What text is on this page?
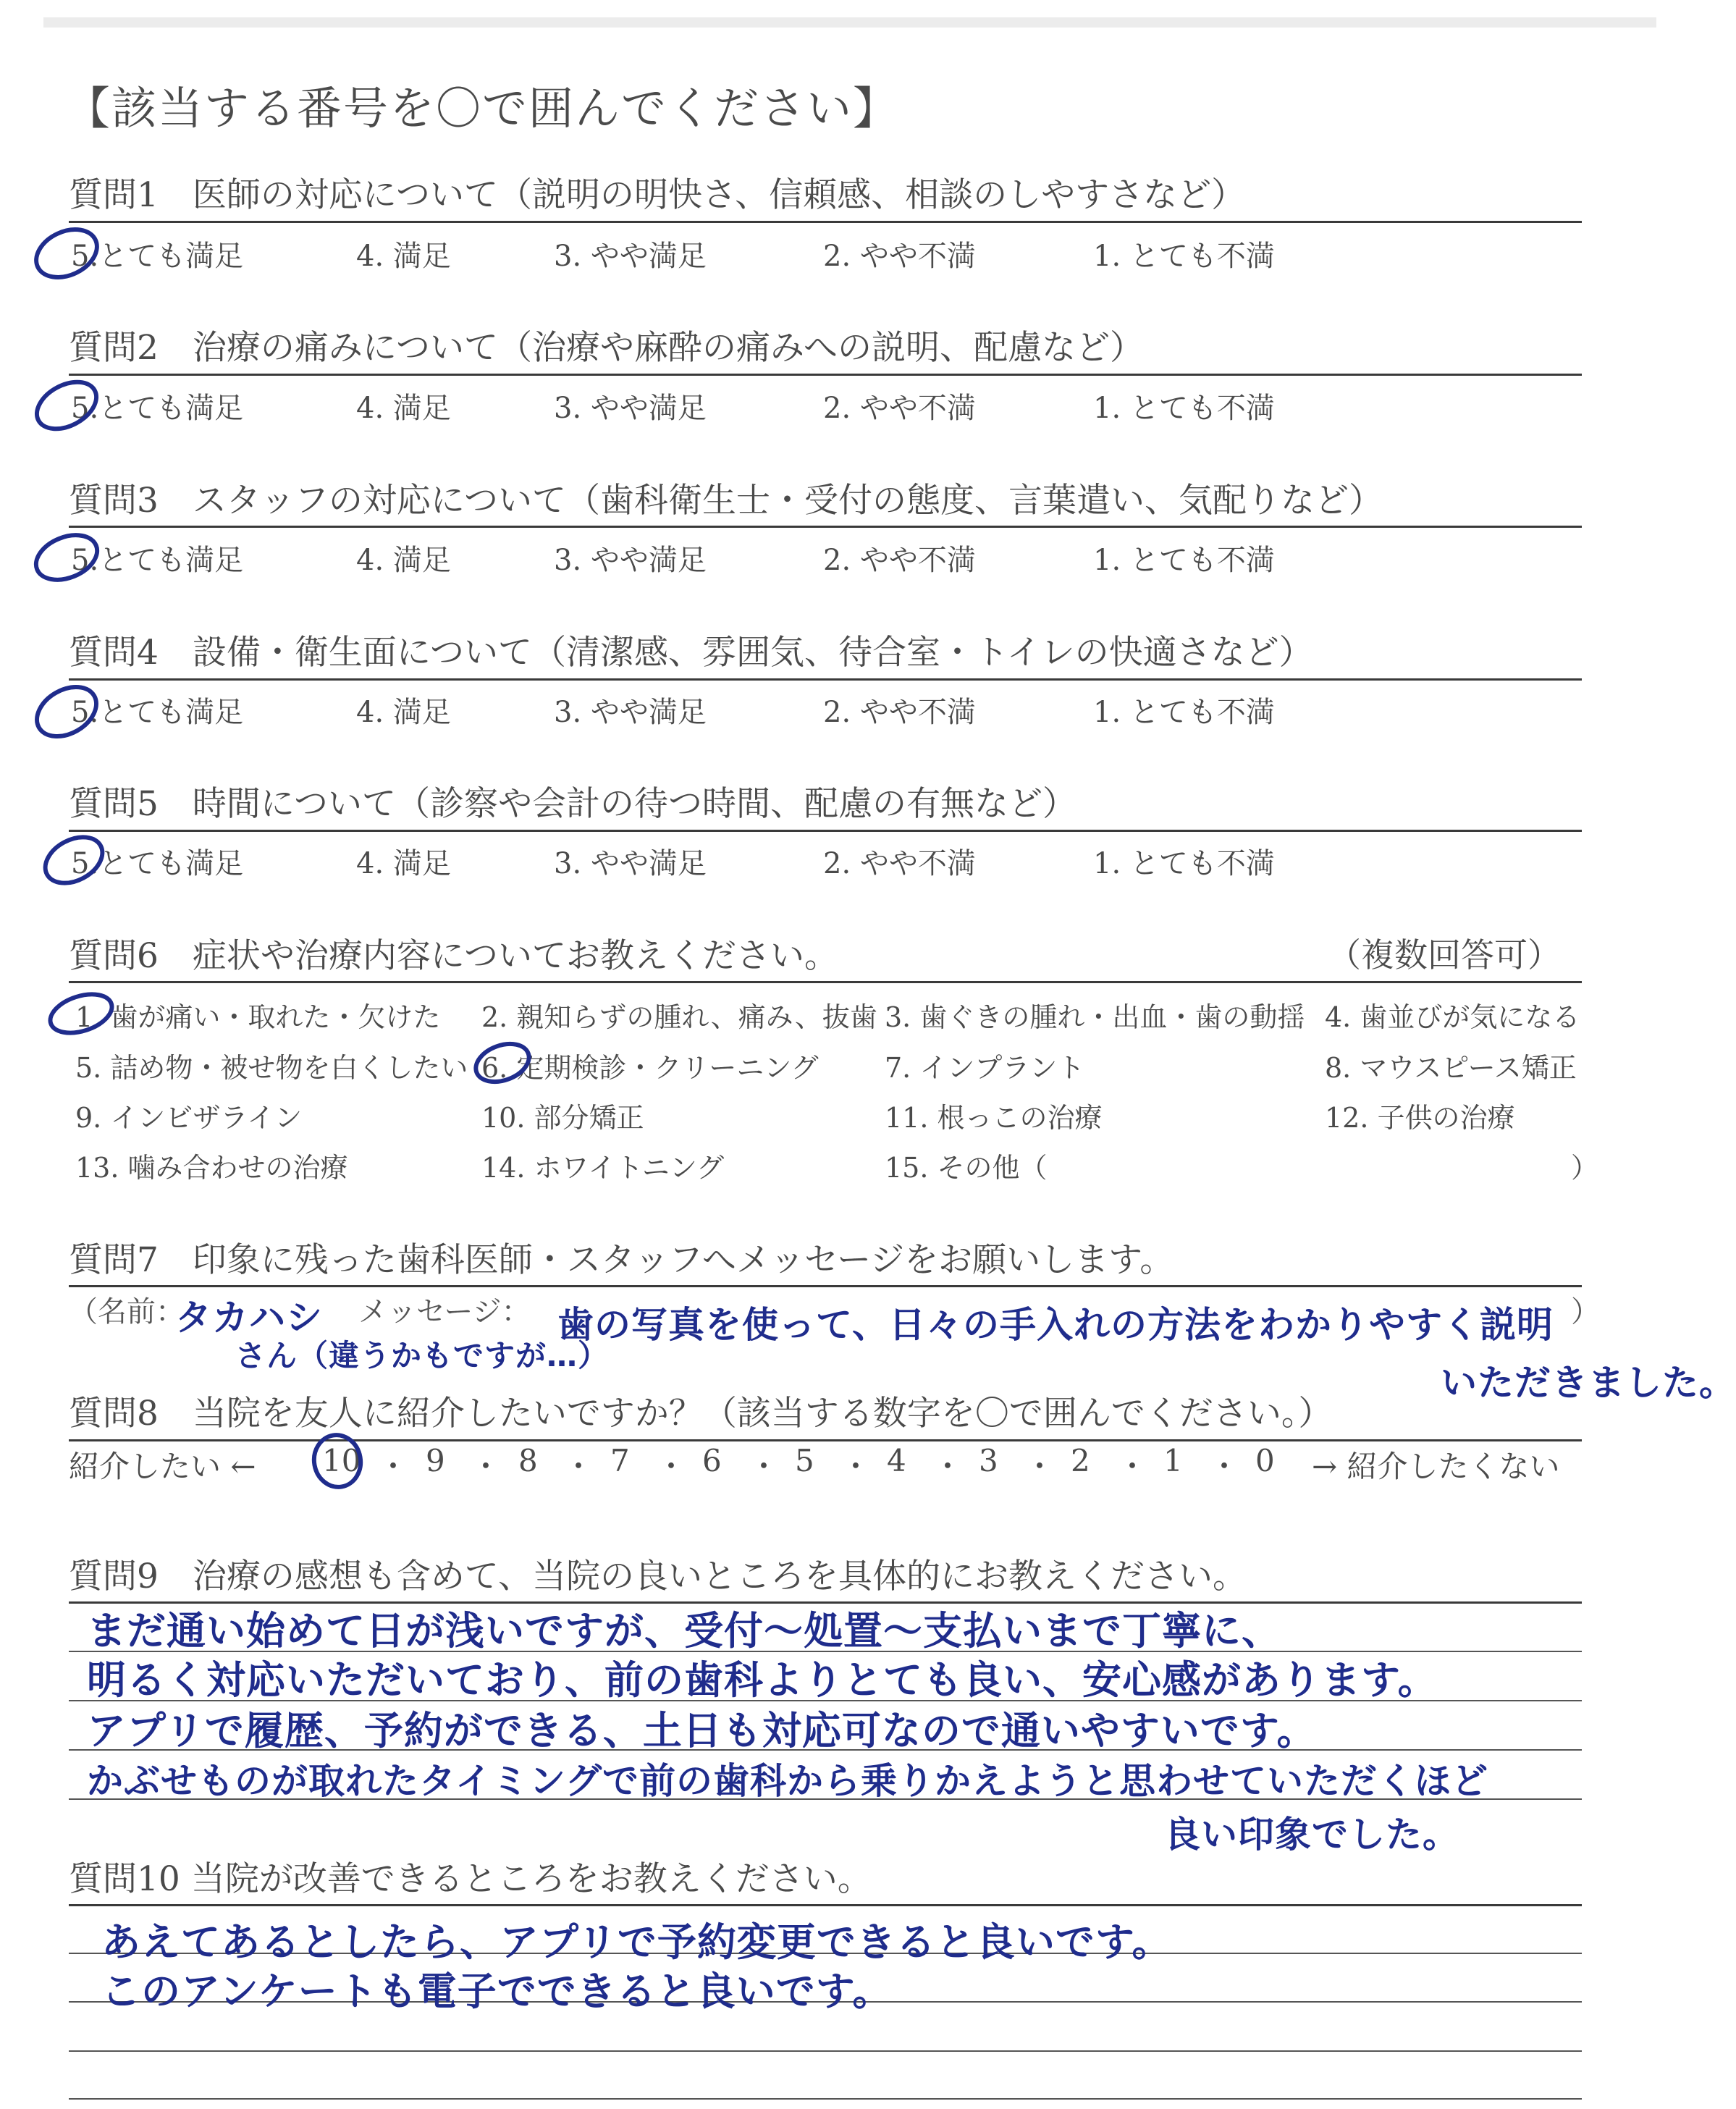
【該当する番号を〇で囲んでください】
質問1　医師の対応について（説明の明快さ、信頼感、相談のしやすさなど）
5.とても満足	4. 満足	3. やや満足	2. やや不満	1. とても不満
質問2　治療の痛みについて（治療や麻酔の痛みへの説明、配慮など）
5.とても満足	4. 満足	3. やや満足	2. やや不満	1. とても不満
質問3　スタッフの対応について（歯科衛生士・受付の態度、言葉遣い、気配りなど）
5.とても満足	4. 満足	3. やや満足	2. やや不満	1. とても不満
質問4　設備・衛生面について（清潔感、雰囲気、待合室・トイレの快適さなど）
5.とても満足	4. 満足	3. やや満足	2. やや不満	1. とても不満
質問5　時間について（診察や会計の待つ時間、配慮の有無など）
5.とても満足	4. 満足	3. やや満足	2. やや不満	1. とても不満
質問6　症状や治療内容についてお教えください。	（複数回答可）
1. 歯が痛い・取れた・欠けた 2. 親知らずの腫れ、痛み、抜歯 3. 歯ぐきの腫れ・出血・歯の動揺 4. 歯並びが気になる
5. 詰め物・被せ物を白くしたい 6. 定期検診・クリーニング 7. インプラント	8. マウスピース矯正
9. インビザライン	10. 部分矯正	11. 根っこの治療	12. 子供の治療
13. 噛み合わせの治療	14. ホワイトニング	15. その他（	）
質問7　印象に残った歯科医師・スタッフへメッセージをお願いします。
（名前：	メッセージ：	）
タカハシ
さん（違うかもですが…）
歯の写真を使って、日々の手入れの方法をわかりやすく説明
いただきました。
質問8　当院を友人に紹介したいですか？（該当する数字を〇で囲んでください。）
紹介したい ←	→ 紹介したくない
10 ・ 9 ・ 8 ・ 7 ・ 6 ・ 5 ・ 4 ・ 3 ・ 2 ・ 1 ・ 0
質問9　治療の感想も含めて、当院の良いところを具体的にお教えください。
まだ通い始めて日が浅いですが、受付〜処置〜支払いまで丁寧に、
明るく対応いただいており、前の歯科よりとても良い、安心感があります。
アプリで履歴、予約ができる、土日も対応可なので通いやすいです。
かぶせものが取れたタイミングで前の歯科から乗りかえようと思わせていただくほど
良い印象でした。
質問10 当院が改善できるところをお教えください。
あえてあるとしたら、アプリで予約変更できると良いです。
このアンケートも電子でできると良いです。
